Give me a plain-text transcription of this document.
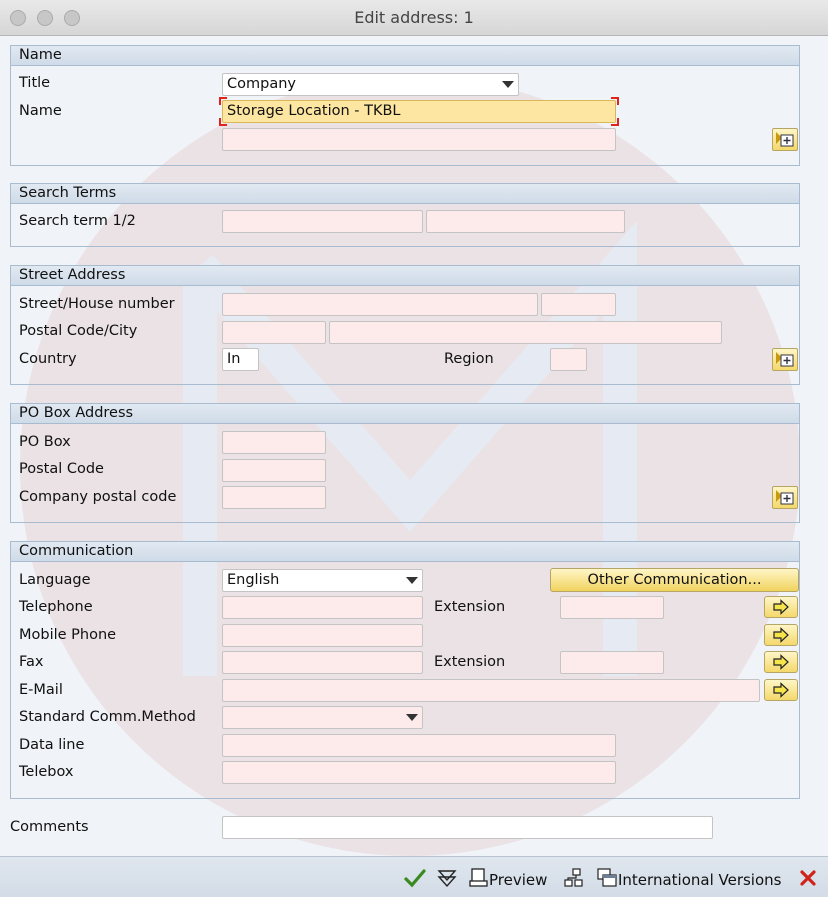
Edit address: 1
Name
Title	Company
Name	Storage Location - TKBL
Search Terms
Search term 1/2
Street Address
Street/House number
Postal Code/City
Country	In	Region
PO Box Address
PO Box
Postal Code
Company postal code
Communication
Language	English	Other Communication...
Telephone	Extension
Mobile Phone
Fax	Extension
E-Mail
Standard Comm.Method
Data line
Telebox
Comments
Preview	International Versions
